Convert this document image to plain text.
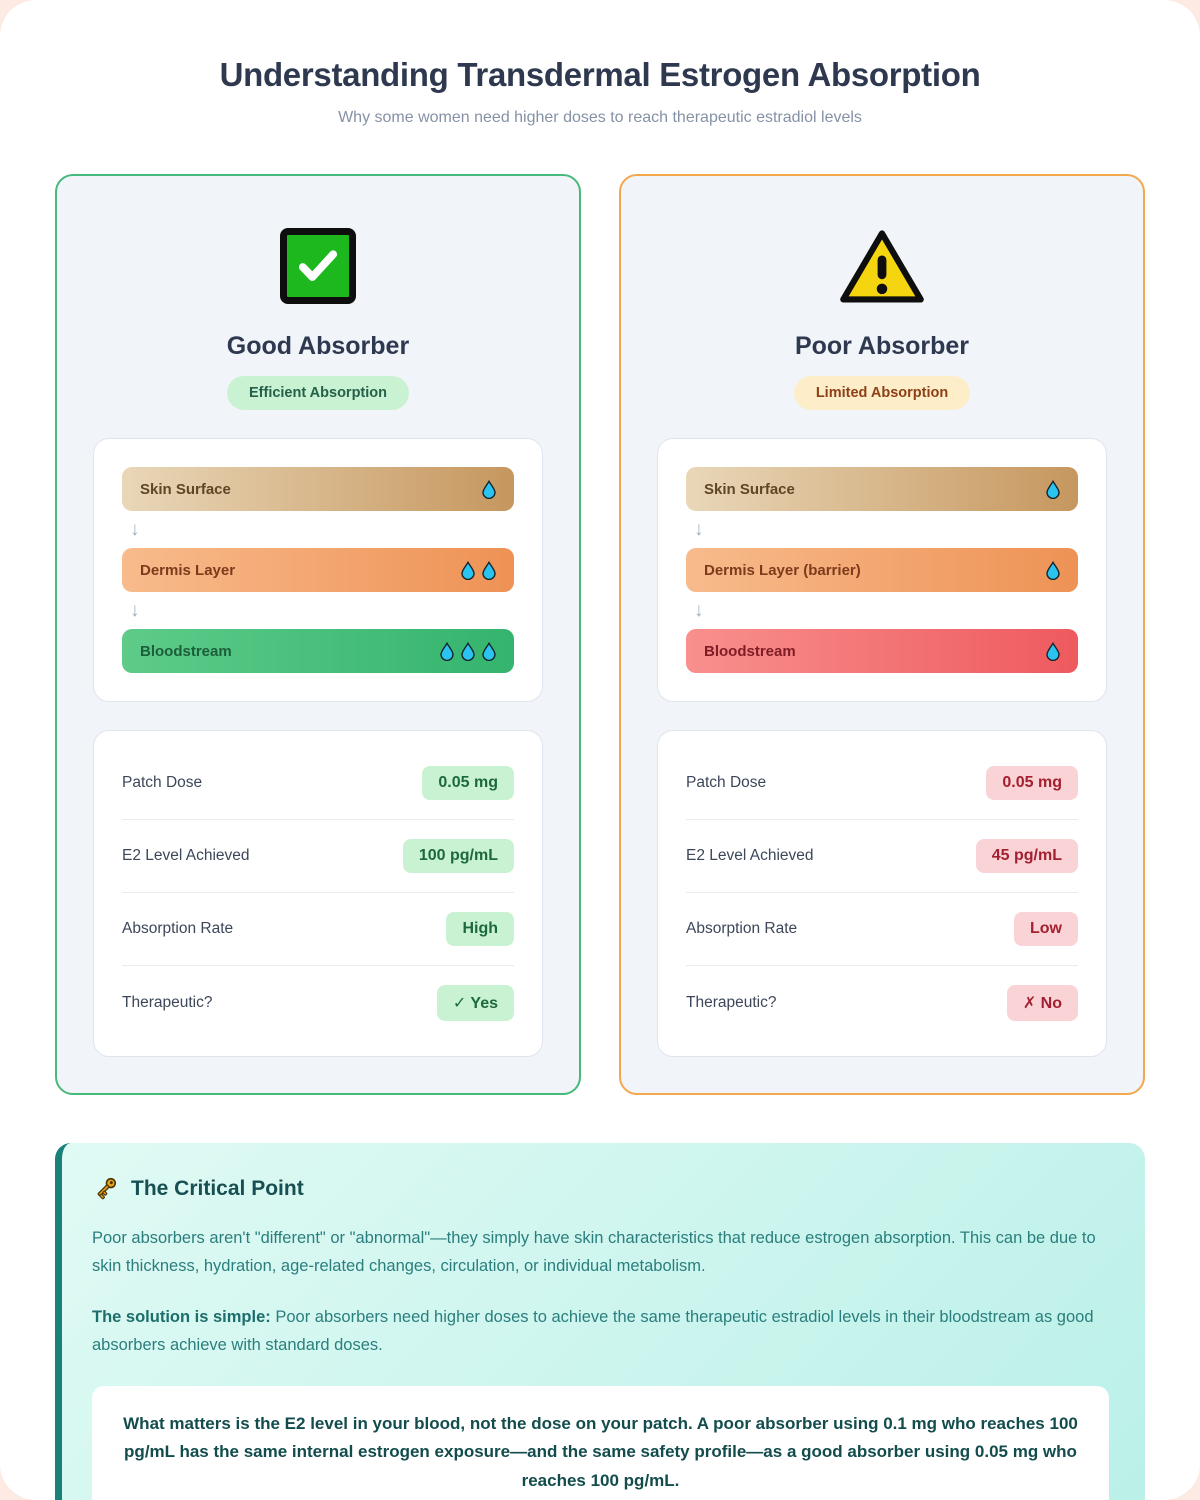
Understanding Transdermal Estrogen Absorption
Why some women need higher doses to reach therapeutic estradiol levels
Good Absorber
Efficient Absorption
Skin Surface
↓
Dermis Layer
↓
Bloodstream
Patch Dose	0.05 mg
E2 Level Achieved	100 pg/mL
Absorption Rate	High
Therapeutic?	✓ Yes
Poor Absorber
Limited Absorption
Skin Surface
↓
Dermis Layer (barrier)
↓
Bloodstream
Patch Dose	0.05 mg
E2 Level Achieved	45 pg/mL
Absorption Rate	Low
Therapeutic?	✗ No
The Critical Point

Poor absorbers aren't "different" or "abnormal"—they simply have skin characteristics that reduce estrogen absorption. This can be due to skin thickness, hydration, age-related changes, circulation, or individual metabolism.

The solution is simple: Poor absorbers need higher doses to achieve the same therapeutic estradiol levels in their bloodstream as good absorbers achieve with standard doses.

What matters is the E2 level in your blood, not the dose on your patch. A poor absorber using 0.1 mg who reaches 100 pg/mL has the same internal estrogen exposure—and the same safety profile—as a good absorber using 0.05 mg who reaches 100 pg/mL.
